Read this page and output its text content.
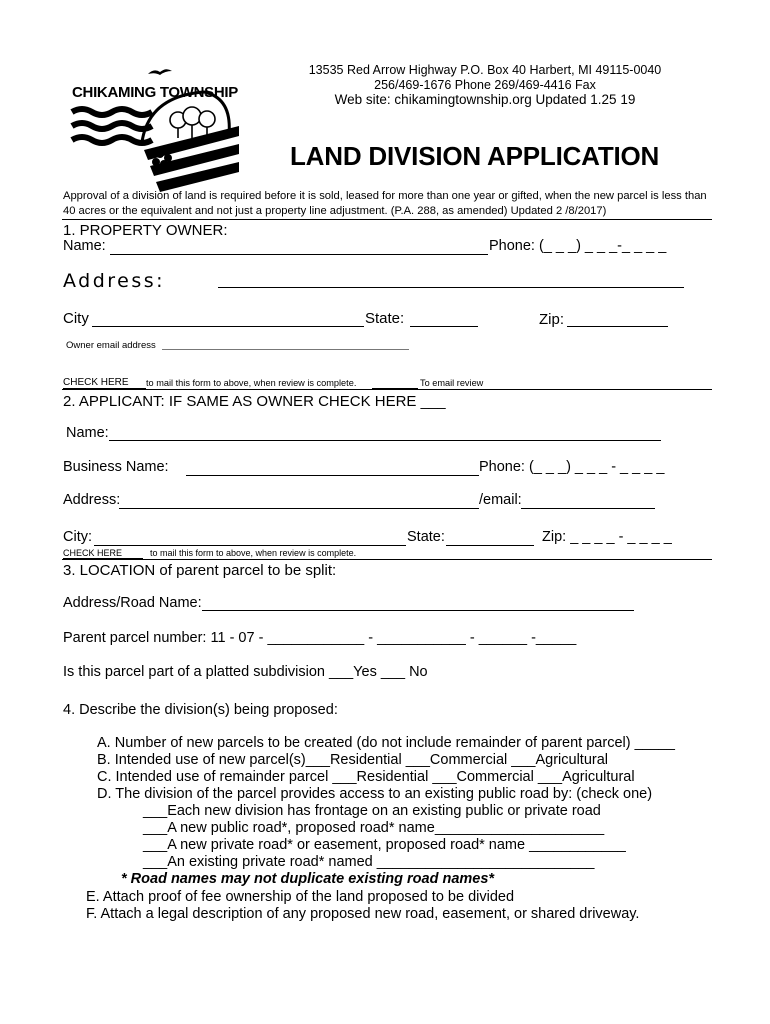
CHIKAMING TOWNSHIP
13535 Red Arrow Highway P.O. Box 40 Harbert, MI 49115-0040
256/469-1676 Phone 269/469-4416 Fax
Web site: chikamingtownship.org Updated 1.25 19
LAND DIVISION APPLICATION
Approval of a division of land is required before it is sold, leased for more than one year or gifted, when the new parcel is less than 40 acres or the equivalent and not just a property line adjustment. (P.A. 288, as amended) Updated 2 /8/2017)
1. PROPERTY OWNER:
Name:	Phone: (_ _ _) _ _ _-_ _ _ _
Address:
City	State:	Zip:
Owner email address
CHECK HERE to mail this form to above, when review is complete.	To email review
2. APPLICANT: IF SAME AS OWNER CHECK HERE ___
Name:
Business Name:	Phone: (_ _ _) _ _ _ - _ _ _ _
Address:	/email:
City:	State:	Zip: _ _ _ _ - _ _ _ _
CHECK HERE	to mail this form to above, when review is complete.
3. LOCATION of parent parcel to be split:
Address/Road Name:
Parent parcel number: 11 - 07 - ____________ - ___________ - ______ -_____
Is this parcel part of a platted subdivision ___Yes ___ No
4. Describe the division(s) being proposed:
A. Number of new parcels to be created (do not include remainder of parent parcel) _____
B. Intended use of new parcel(s)___Residential ___Commercial ___Agricultural
C. Intended use of remainder parcel ___Residential ___Commercial ___Agricultural
D. The division of the parcel provides access to an existing public road by: (check one)
___Each new division has frontage on an existing public or private road
___A new public road*, proposed road* name_____________________
___A new private road* or easement, proposed road* name ____________
___An existing private road* named ___________________________
* Road names may not duplicate existing road names*
E. Attach proof of fee ownership of the land proposed to be divided
F. Attach a legal description of any proposed new road, easement, or shared driveway.
